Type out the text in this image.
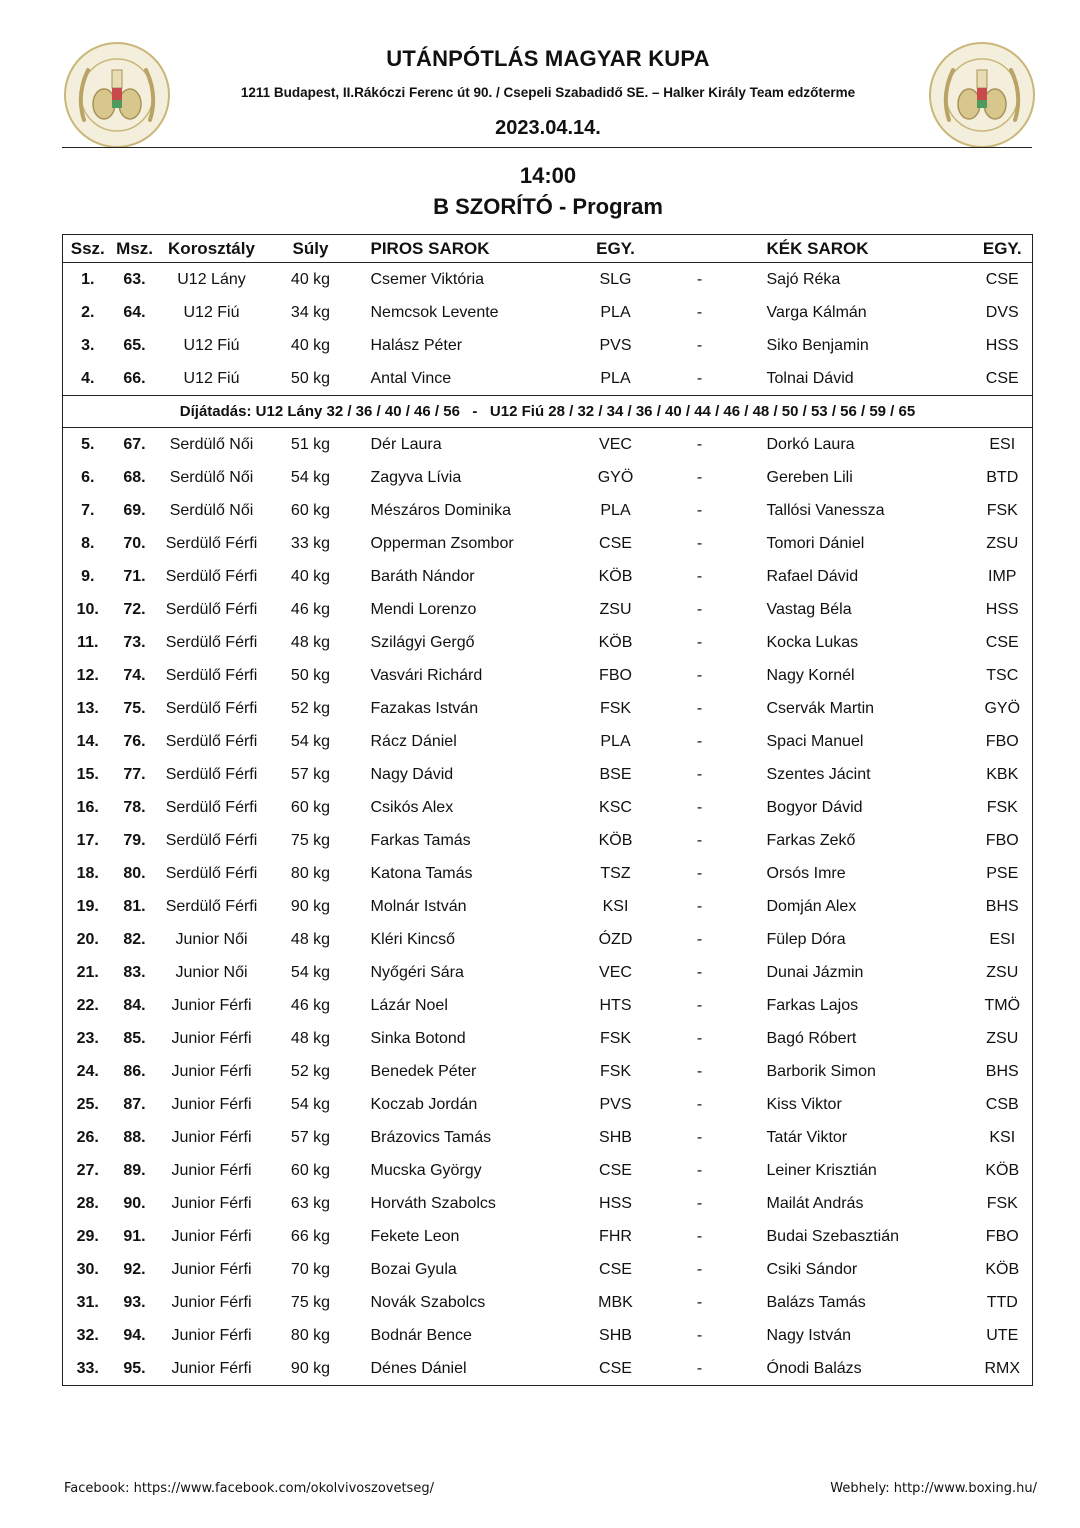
UTÁNPÓTLÁS MAGYAR KUPA
1211 Budapest, II.Rákóczi Ferenc út 90. / Csepeli Szabadidő SE. – Halker Király Team edzőterme
2023.04.14.
14:00
B SZORÍTÓ - Program
Ssz.	Msz.	Korosztály	Súly	PIROS SAROK	EGY.		KÉK SAROK	EGY.
1.	63.	U12 Lány	40 kg	Csemer Viktória	SLG	-	Sajó Réka	CSE
2.	64.	U12 Fiú	34 kg	Nemcsok Levente	PLA	-	Varga Kálmán	DVS
3.	65.	U12 Fiú	40 kg	Halász Péter	PVS	-	Siko Benjamin	HSS
4.	66.	U12 Fiú	50 kg	Antal Vince	PLA	-	Tolnai Dávid	CSE
Díjátadás: U12 Lány 32 / 36 / 40 / 46 / 56   -   U12 Fiú 28 / 32 / 34 / 36 / 40 / 44 / 46 / 48 / 50 / 53 / 56 / 59 / 65								
5.	67.	Serdülő Női	51 kg	Dér Laura	VEC	-	Dorkó Laura	ESI
6.	68.	Serdülő Női	54 kg	Zagyva Lívia	GYÖ	-	Gereben Lili	BTD
7.	69.	Serdülő Női	60 kg	Mészáros Dominika	PLA	-	Tallósi Vanessza	FSK
8.	70.	Serdülő Férfi	33 kg	Opperman Zsombor	CSE	-	Tomori Dániel	ZSU
9.	71.	Serdülő Férfi	40 kg	Baráth Nándor	KÖB	-	Rafael Dávid	IMP
10.	72.	Serdülő Férfi	46 kg	Mendi Lorenzo	ZSU	-	Vastag Béla	HSS
11.	73.	Serdülő Férfi	48 kg	Szilágyi Gergő	KÖB	-	Kocka Lukas	CSE
12.	74.	Serdülő Férfi	50 kg	Vasvári Richárd	FBO	-	Nagy Kornél	TSC
13.	75.	Serdülő Férfi	52 kg	Fazakas István	FSK	-	Cservák Martin	GYÖ
14.	76.	Serdülő Férfi	54 kg	Rácz Dániel	PLA	-	Spaci Manuel	FBO
15.	77.	Serdülő Férfi	57 kg	Nagy Dávid	BSE	-	Szentes Jácint	KBK
16.	78.	Serdülő Férfi	60 kg	Csikós Alex	KSC	-	Bogyor Dávid	FSK
17.	79.	Serdülő Férfi	75 kg	Farkas Tamás	KÖB	-	Farkas Zekő	FBO
18.	80.	Serdülő Férfi	80 kg	Katona Tamás	TSZ	-	Orsós Imre	PSE
19.	81.	Serdülő Férfi	90 kg	Molnár István	KSI	-	Domján Alex	BHS
20.	82.	Junior Női	48 kg	Kléri Kincső	ÓZD	-	Fülep Dóra	ESI
21.	83.	Junior Női	54 kg	Nyőgéri Sára	VEC	-	Dunai Jázmin	ZSU
22.	84.	Junior Férfi	46 kg	Lázár Noel	HTS	-	Farkas Lajos	TMÖ
23.	85.	Junior Férfi	48 kg	Sinka Botond	FSK	-	Bagó Róbert	ZSU
24.	86.	Junior Férfi	52 kg	Benedek Péter	FSK	-	Barborik Simon	BHS
25.	87.	Junior Férfi	54 kg	Koczab Jordán	PVS	-	Kiss Viktor	CSB
26.	88.	Junior Férfi	57 kg	Brázovics Tamás	SHB	-	Tatár Viktor	KSI
27.	89.	Junior Férfi	60 kg	Mucska György	CSE	-	Leiner Krisztián	KÖB
28.	90.	Junior Férfi	63 kg	Horváth Szabolcs	HSS	-	Mailát András	FSK
29.	91.	Junior Férfi	66 kg	Fekete Leon	FHR	-	Budai Szebasztián	FBO
30.	92.	Junior Férfi	70 kg	Bozai Gyula	CSE	-	Csiki Sándor	KÖB
31.	93.	Junior Férfi	75 kg	Novák Szabolcs	MBK	-	Balázs Tamás	TTD
32.	94.	Junior Férfi	80 kg	Bodnár Bence	SHB	-	Nagy István	UTE
33.	95.	Junior Férfi	90 kg	Dénes Dániel	CSE	-	Ónodi Balázs	RMX
Facebook: https://www.facebook.com/okolvivoszovetseg/	Webhely: http://www.boxing.hu/
